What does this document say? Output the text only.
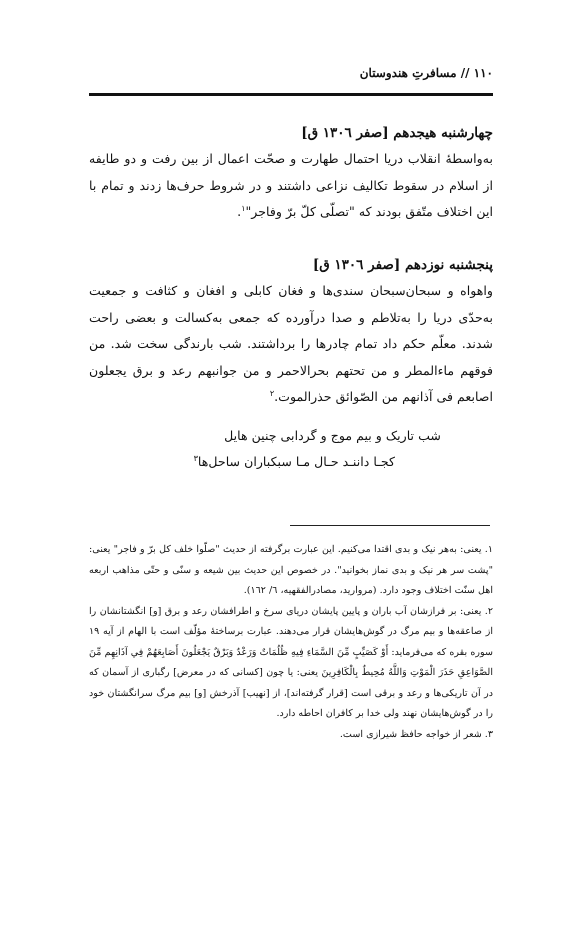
۱۱۰ // مسافرتِ هندوستان

چهارشنبه هیجدهم [صفر ۱۳۰٦ ق]

به‌واسطهٔ انقلاب دریا احتمال طهارت و صحّت اعمال از بین رفت و دو طایفه از اسلام در سقوط تکالیف نزاعی داشتند و در شروط حرف‌ها زدند و تمام با این اختلاف متّفق بودند که "تصلّی کلّ برّ وفاجر"$^۱$.

پنجشنبه نوزدهم [صفر ۱۳۰٦ ق]

واهواه و سبحان‌سبحان سندی‌ها و فغان کابلی و افغان و کثافت و جمعیت به‌حدّی دریا را به‌تلاطم و صدا درآورده که جمعی به‌کسالت و بعضی راحت شدند. معلّم حکم داد تمام چادرها را برداشتند. شب بارندگی سخت شد. من فوقهم ماءالمطر و من تحتهم بحرالاحمر و من جوانبهم رعد و برق یجعلون اصابعم فی آذانهم من الصّوائق حذرالموت.$^۲$

شب تاریک و بیم موج و گردابی چنین هایل
کجـا داننـد حـال مـا سبکباران ساحل‌ها$^۳$

۱. یعنی: به‌هر نیک و بدی اقتدا می‌کنیم. این عبارت برگرفته از حدیث "صلّوا خلف کل برّ و فاجر" یعنی: "پشت سر هر نیک و بدی نماز بخوانید". در خصوص این حدیث بین شیعه و سنّی و حتّی مذاهب اربعه اهل سنّت اختلاف وجود دارد. (مروارید، مصادرالفقهیه، ٦/ ١٦٢).

۲. یعنی: بر فرازشان آب باران و پایین پایشان دریای سرخ و اطرافشان رعد و برق [و] انگشتانشان را از صاعقه‌ها و بیم مرگ در گوش‌هایشان قرار می‌دهند. عبارت برساختهٔ مؤلّف است با الهام از آیه ۱۹ سوره بقره که می‌فرماید: أَوْ كَصَيِّبٍ مِّنَ السَّمَاءِ فِيهِ ظُلُمَاتٌ وَرَعْدٌ وَبَرْقٌ يَجْعَلُونَ أَصَابِعَهُمْ فِي آذَانِهِم مِّنَ الصَّوَاعِقِ حَذَرَ الْمَوْتِ وَاللَّهُ مُحِيطٌ بِالْكَافِرِينَ یعنی: یا چون [کسانی که در معرض] رگباری از آسمان که در آن تاریکی‌ها و رعد و برقی است [قرار گرفته‌اند]، از [نهیب] آذرخش [و] بیم مرگ سرانگشتان خود را در گوش‌هایشان نهند ولی خدا بر کافران احاطه دارد.

۳. شعر از خواجه حافظ شیرازی است.
